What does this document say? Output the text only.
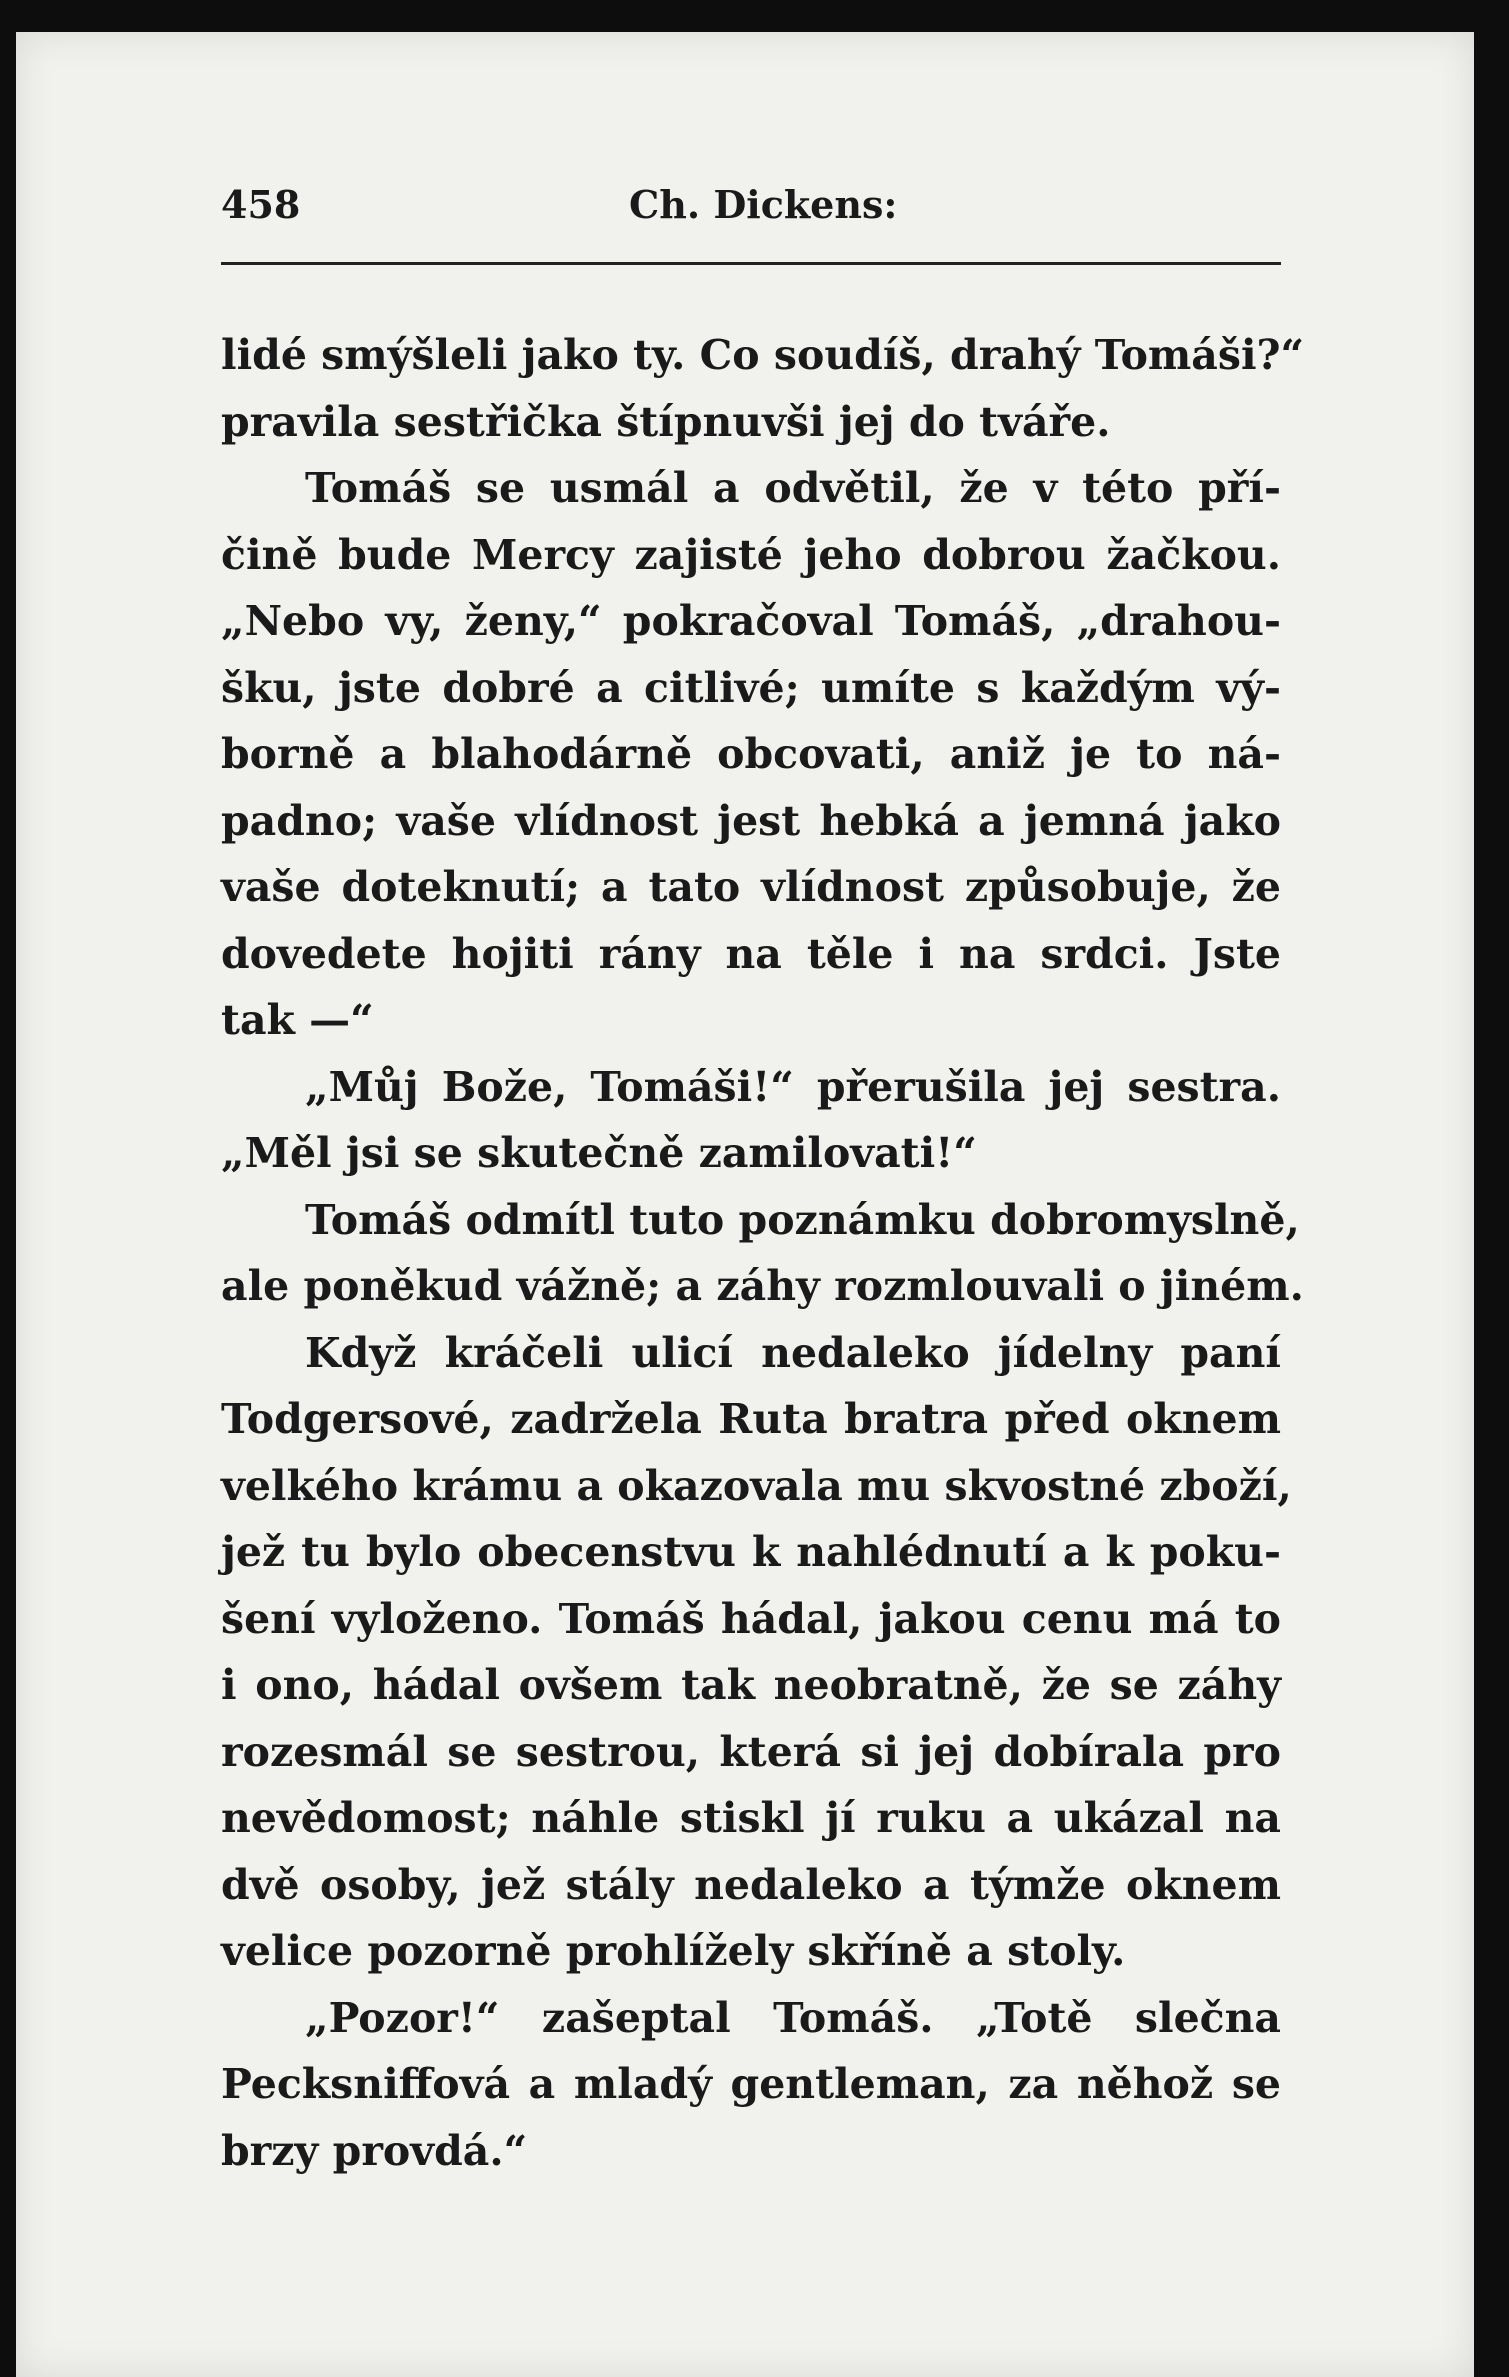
458	Ch. Dickens:
lidé smýšleli jako ty. Co soudíš, drahý Tomáši?“
pravila sestřička štípnuvši jej do tváře.
Tomáš se usmál a odvětil, že v této pří-
čině bude Mercy zajisté jeho dobrou žačkou.
„Nebo vy, ženy,“ pokračoval Tomáš, „drahou-
šku, jste dobré a citlivé; umíte s každým vý-
borně a blahodárně obcovati, aniž je to ná-
padno; vaše vlídnost jest hebká a jemná jako
vaše doteknutí; a tato vlídnost způsobuje, že
dovedete hojiti rány na těle i na srdci. Jste
tak —“
„Můj Bože, Tomáši!“ přerušila jej sestra.
„Měl jsi se skutečně zamilovati!“
Tomáš odmítl tuto poznámku dobromyslně,
ale poněkud vážně; a záhy rozmlouvali o jiném.
Když kráčeli ulicí nedaleko jídelny paní
Todgersové, zadržela Ruta bratra před oknem
velkého krámu a okazovala mu skvostné zboží,
jež tu bylo obecenstvu k nahlédnutí a k poku-
šení vyloženo. Tomáš hádal, jakou cenu má to
i ono, hádal ovšem tak neobratně, že se záhy
rozesmál se sestrou, která si jej dobírala pro
nevědomost; náhle stiskl jí ruku a ukázal na
dvě osoby, jež stály nedaleko a týmže oknem
velice pozorně prohlížely skříně a stoly.
„Pozor!“ zašeptal Tomáš. „Totě slečna
Pecksniffová a mladý gentleman, za něhož se
brzy provdá.“
